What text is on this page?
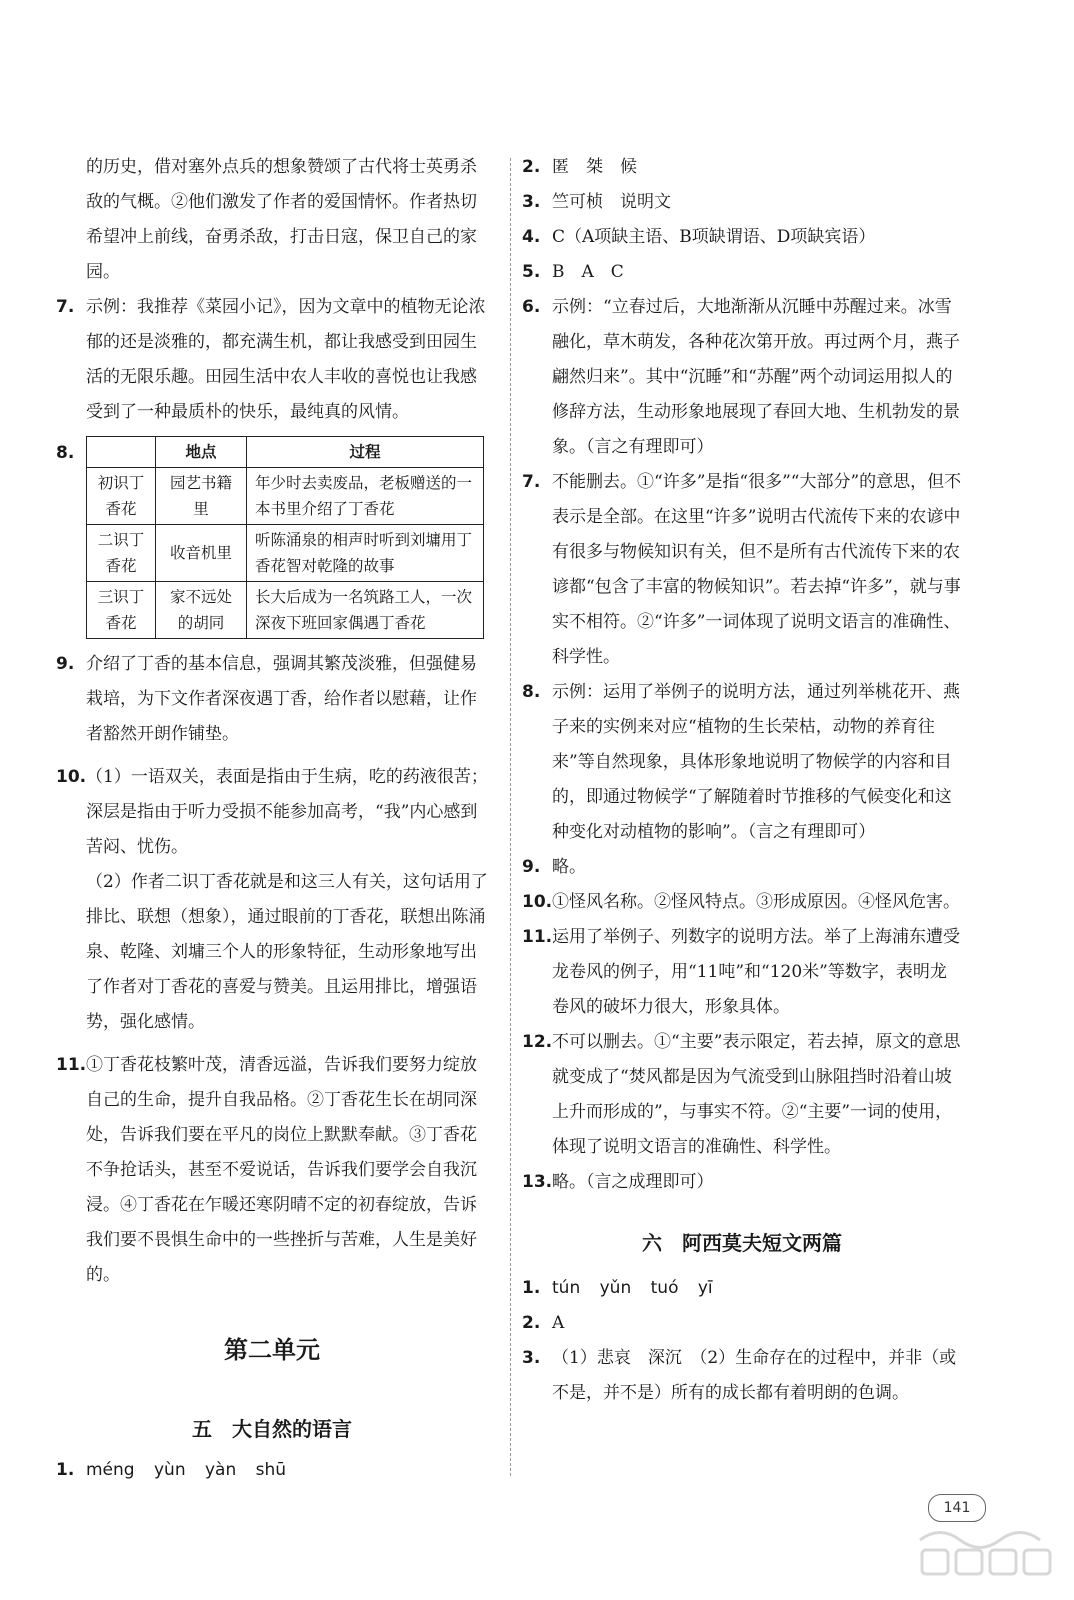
的历史，借对塞外点兵的想象赞颂了古代将士英勇杀敌的气概。②他们激发了作者的爱国情怀。作者热切希望冲上前线，奋勇杀敌，打击日寇，保卫自己的家园。

7. 示例：我推荐《菜园小记》，因为文章中的植物无论浓郁的还是淡雅的，都充满生机，都让我感受到田园生活的无限乐趣。田园生活中农人丰收的喜悦也让我感受到了一种最质朴的快乐，最纯真的风情。
8.
		地点	过程
初识丁香花	园艺书籍里	年少时去卖废品，老板赠送的一本书里介绍了丁香花
二识丁香花	收音机里	听陈涌泉的相声时听到刘墉用丁香花智对乾隆的故事
三识丁香花	家不远处的胡同	长大后成为一名筑路工人，一次深夜下班回家偶遇丁香花
9. 介绍了丁香的基本信息，强调其繁茂淡雅，但强健易栽培，为下文作者深夜遇丁香，给作者以慰藉，让作者豁然开朗作铺垫。
10. （1）一语双关，表面是指由于生病，吃的药液很苦；深层是指由于听力受损不能参加高考，“我”内心感到苦闷、忧伤。
（2）作者二识丁香花就是和这三人有关，这句话用了排比、联想（想象），通过眼前的丁香花，联想出陈涌泉、乾隆、刘墉三个人的形象特征，生动形象地写出了作者对丁香花的喜爱与赞美。且运用排比，增强语势，强化感情。
11. ①丁香花枝繁叶茂，清香远溢，告诉我们要努力绽放自己的生命，提升自我品格。②丁香花生长在胡同深处，告诉我们要在平凡的岗位上默默奉献。③丁香花不争抢话头，甚至不爱说话，告诉我们要学会自我沉浸。④丁香花在乍暖还寒阴晴不定的初春绽放，告诉我们要不畏惧生命中的一些挫折与苦难，人生是美好的。
第二单元
五　大自然的语言
1. méng yùn yàn shū
2. 匿　桀　候
3. 竺可桢　说明文
4. C（A项缺主语、B项缺谓语、D项缺宾语）
5. B　A　C
6. 示例：“立春过后，大地渐渐从沉睡中苏醒过来。冰雪融化，草木萌发，各种花次第开放。再过两个月，燕子翩然归来”。其中“沉睡”和“苏醒”两个动词运用拟人的修辞方法，生动形象地展现了春回大地、生机勃发的景象。（言之有理即可）
7. 不能删去。①“许多”是指“很多”“大部分”的意思，但不表示是全部。在这里“许多”说明古代流传下来的农谚中有很多与物候知识有关，但不是所有古代流传下来的农谚都“包含了丰富的物候知识”。若去掉“许多”，就与事实不相符。②“许多”一词体现了说明文语言的准确性、科学性。
8. 示例：运用了举例子的说明方法，通过列举桃花开、燕子来的实例来对应“植物的生长荣枯，动物的养育往来”等自然现象，具体形象地说明了物候学的内容和目的，即通过物候学“了解随着时节推移的气候变化和这种变化对动植物的影响”。（言之有理即可）
9. 略。
10. ①怪风名称。②怪风特点。③形成原因。④怪风危害。
11. 运用了举例子、列数字的说明方法。举了上海浦东遭受龙卷风的例子，用“11吨”和“120米”等数字，表明龙卷风的破坏力很大，形象具体。
12. 不可以删去。①“主要”表示限定，若去掉，原文的意思就变成了“焚风都是因为气流受到山脉阻挡时沿着山坡上升而形成的”，与事实不符。②“主要”一词的使用，体现了说明文语言的准确性、科学性。
13. 略。（言之成理即可）
六　阿西莫夫短文两篇
1. tún yǔn tuó yī
2. A
3. （1）悲哀　深沉　（2）生命存在的过程中，并非（或不是，并不是）所有的成长都有着明朗的色调。
141
